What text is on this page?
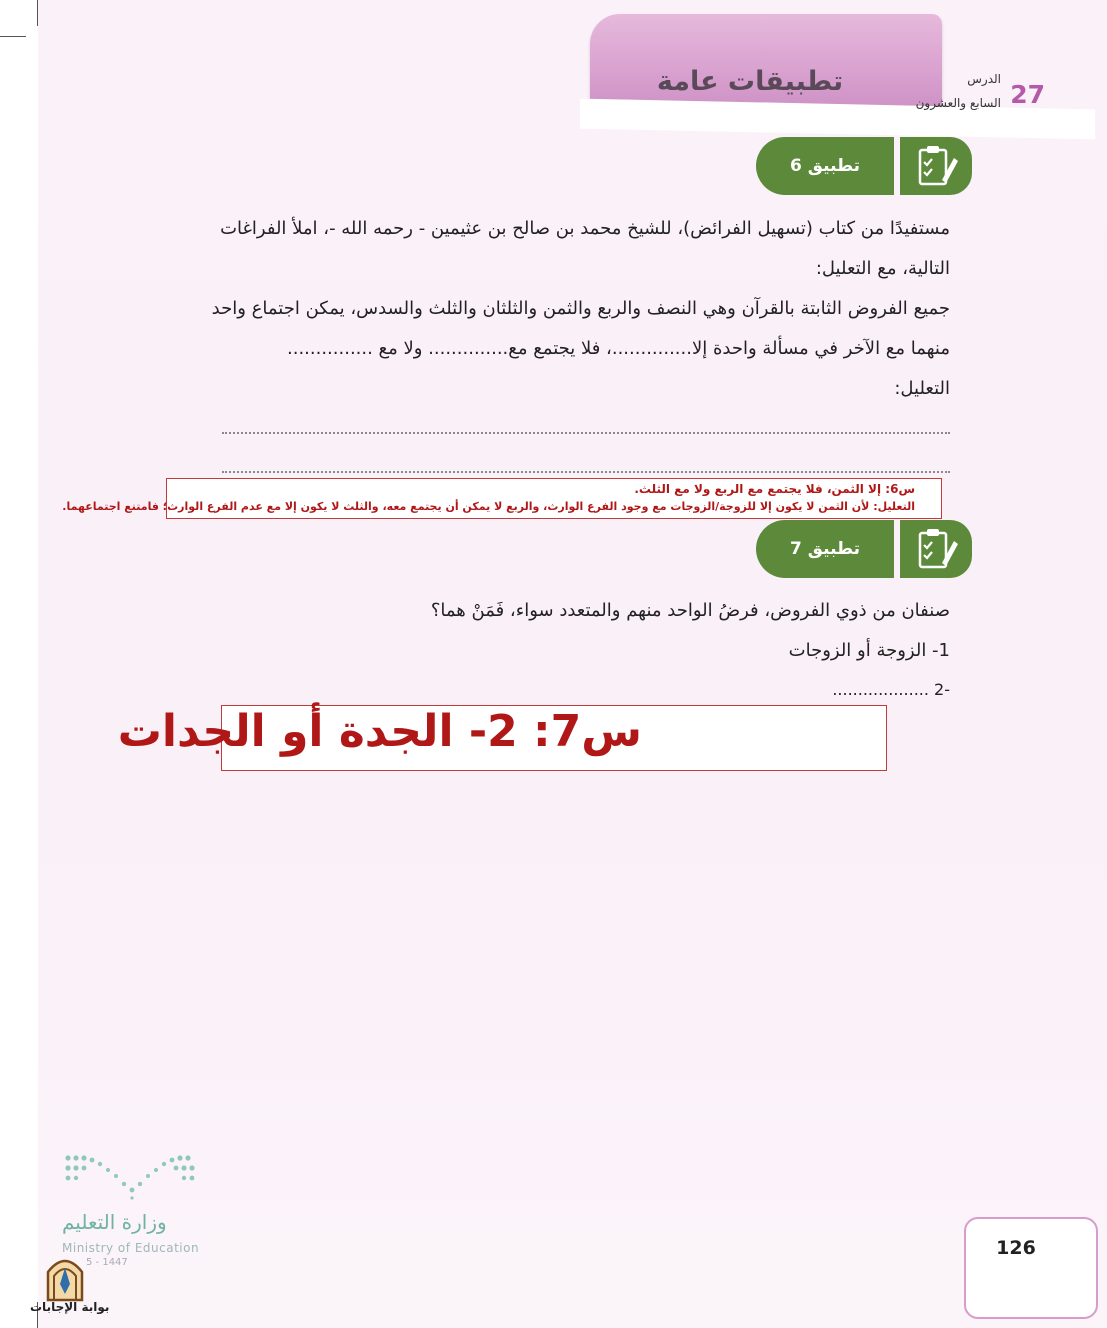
تطبيقات عامة	الدرس
السابع والعشرون 27
تطبيق 6
مستفيدًا من كتاب (تسهيل الفرائض)، للشيخ محمد بن صالح بن عثيمين - رحمه الله -، املأ الفراغات
التالية، مع التعليل:
جميع الفروض الثابتة بالقرآن وهي النصف والربع والثمن والثلثان والثلث والسدس، يمكن اجتماع واحد
منهما مع الآخر في مسألة واحدة إلا..............، فلا يجتمع مع.............. ولا مع ...............
التعليل:
س6: إلا الثمن، فلا يجتمع مع الربع ولا مع الثلث.
التعليل: لأن الثمن لا يكون إلا للزوجة/الزوجات مع وجود الفرع الوارث، والربع لا يمكن أن يجتمع معه، والثلث لا يكون إلا مع عدم الفرع الوارث؛ فامتنع اجتماعهما.
تطبيق 7
صنفان من ذوي الفروض، فرضُ الواحد منهم والمتعدد سواء، فَمَنْ هما؟
1- الزوجة أو الزوجات
-2 ...................
س7: 2- الجدة أو الجدات
وزارة التعليم
Ministry of Education
5 - 1447
بوابة الإجابات
126
